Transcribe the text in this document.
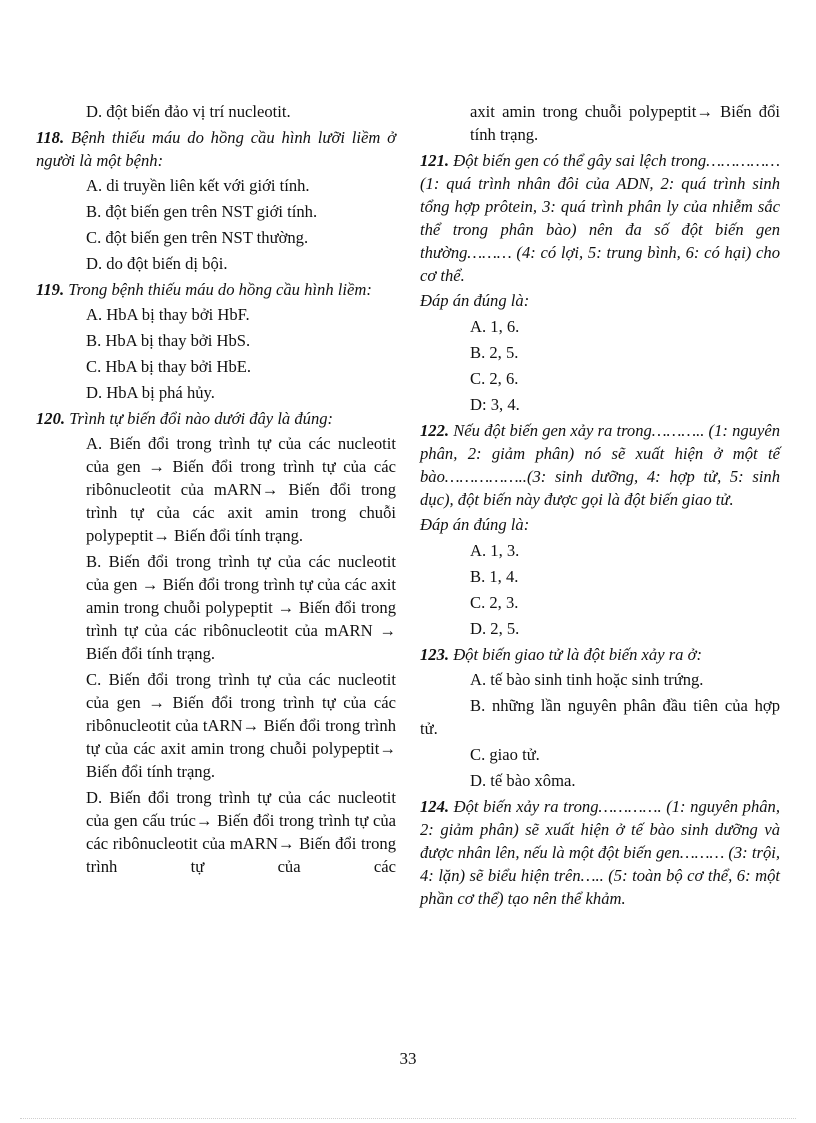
D. đột biến đảo vị trí nucleotit.
118. Bệnh thiếu máu do hồng cầu hình lưỡi liềm ở người là một bệnh:
A. di truyền liên kết với giới tính.
B. đột biến gen trên NST giới tính.
C. đột biến gen trên NST thường.
D. do đột biến dị bội.
119. Trong bệnh thiếu máu do hồng cầu hình liềm:
A. HbA bị thay bởi HbF.
B. HbA bị thay bởi HbS.
C. HbA bị thay bởi HbE.
D. HbA bị phá hủy.
120. Trình tự biến đổi nào dưới đây là đúng:
A. Biến đổi trong trình tự của các nucleotit của gen → Biến đổi trong trình tự của các ribônucleotit của mARN→ Biến đổi trong trình tự của các axit amin trong chuỗi polypeptit→ Biến đổi tính trạng.
B. Biến đổi trong trình tự của các nucleotit của gen → Biến đổi trong trình tự của các axit amin trong chuỗi polypeptit → Biến đổi trong trình tự của các ribônucleotit của mARN → Biến đổi tính trạng.
C. Biến đổi trong trình tự của các nucleotit của gen → Biến đổi trong trình tự của các ribônucleotit của tARN→ Biến đổi trong trình tự của các axit amin trong chuỗi polypeptit→ Biến đổi tính trạng.
D. Biến đổi trong trình tự của các nucleotit của gen cấu trúc→ Biến đổi trong trình tự của các ribônucleotit của mARN→ Biến đổi trong trình tự của các
axit amin trong chuỗi polypeptit→ Biến đổi tính trạng.
121. Đột biến gen có thể gây sai lệch trong…………… (1: quá trình nhân đôi của ADN, 2: quá trình sinh tổng hợp prôtein, 3: quá trình phân ly của nhiễm sắc thể trong phân bào) nên đa số đột biến gen thường……… (4: có lợi, 5: trung bình, 6: có hại) cho cơ thể.
Đáp án đúng là:
A. 1, 6.
B. 2, 5.
C. 2, 6.
D: 3, 4.
122. Nếu đột biến gen xảy ra trong……….. (1: nguyên phân, 2: giảm phân) nó sẽ xuất hiện ở một tế bào……………..(3: sinh dưỡng, 4: hợp tử, 5: sinh dục), đột biến này được gọi là đột biến giao tử.
Đáp án đúng là:
A. 1, 3.
B. 1, 4.
C. 2, 3.
D. 2, 5.
123. Đột biến giao tử là đột biến xảy ra ở:
A. tế bào sinh tinh hoặc sinh trứng.
B. những lần nguyên phân đầu tiên của hợp tử.
C. giao tử.
D. tế bào xôma.
124. Đột biến xảy ra trong…………. (1: nguyên phân, 2: giảm phân) sẽ xuất hiện ở tế bào sinh dưỡng và được nhân lên, nếu là một đột biến gen……… (3: trội, 4: lặn) sẽ biểu hiện trên….. (5: toàn bộ cơ thể, 6: một phần cơ thể) tạo nên thể khảm.
33
